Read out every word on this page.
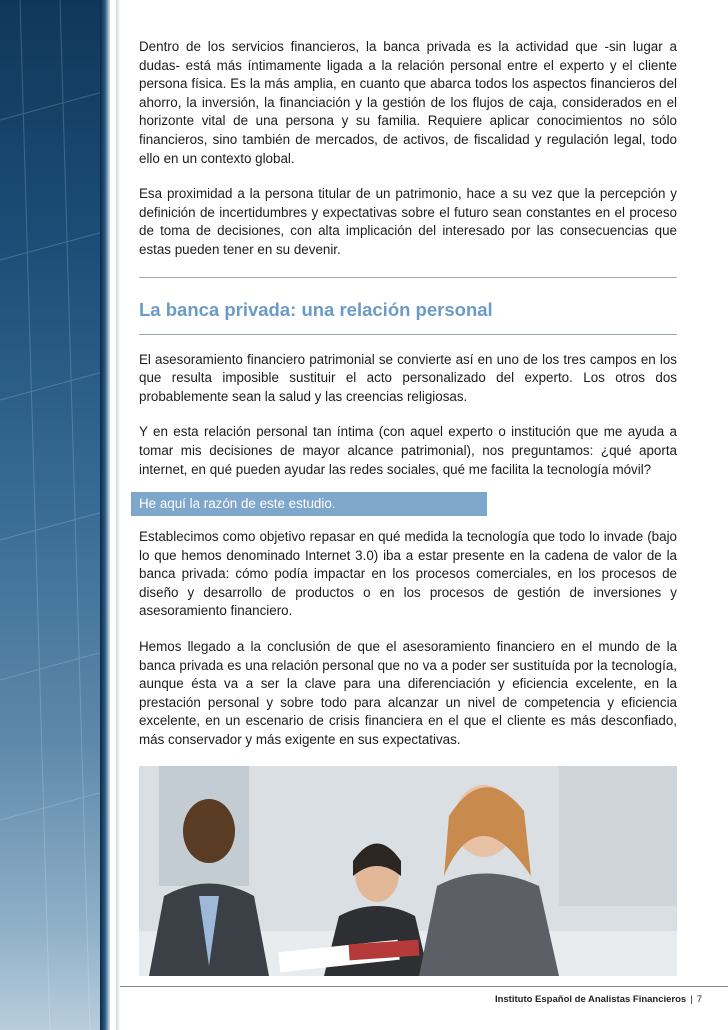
Dentro de los servicios financieros, la banca privada es la actividad que -sin lugar a dudas- está más íntimamente ligada a la relación personal entre el experto y el cliente persona física. Es la más amplia, en cuanto que abarca todos los aspectos financieros del ahorro, la inversión, la financiación y la gestión de los flujos de caja, considerados en el horizonte vital de una persona y su familia. Requiere aplicar conocimientos no sólo financieros, sino también de mercados, de activos, de fiscalidad y regulación legal, todo ello en un contexto global.

Esa proximidad a la persona titular de un patrimonio, hace a su vez que la percepción y definición de incertidumbres y expectativas sobre el futuro sean constantes en el proceso de toma de decisiones, con alta implicación del interesado por las consecuencias que estas pueden tener en su devenir.

La banca privada: una relación personal

El asesoramiento financiero patrimonial se convierte así en uno de los tres campos en los que resulta imposible sustituir el acto personalizado del experto. Los otros dos probablemente sean la salud y las creencias religiosas.

Y en esta relación personal tan íntima (con aquel experto o institución que me ayuda a tomar mis decisiones de mayor alcance patrimonial), nos preguntamos: ¿qué aporta internet, en qué pueden ayudar las redes sociales, qué me facilita la tecnología móvil?

He aquí la razón de este estudio.

Establecimos como objetivo repasar en qué medida la tecnología que todo lo invade (bajo lo que hemos denominado Internet 3.0) iba a estar presente en la cadena de valor de la banca privada: cómo podía impactar en los procesos comerciales, en los procesos de diseño y desarrollo de productos o en los procesos de gestión de inversiones y asesoramiento financiero.

Hemos llegado a la conclusión de que el asesoramiento financiero en el mundo de la banca privada es una relación personal que no va a poder ser sustituída por la tecnología, aunque ésta va a ser la clave para una diferenciación y eficiencia excelente, en la prestación personal y sobre todo para alcanzar un nivel de competencia y eficiencia excelente, en un escenario de crisis financiera en el que el cliente es más desconfiado, más conservador y más exigente en sus expectativas.

Instituto Español de Analistas Financieros | 7
